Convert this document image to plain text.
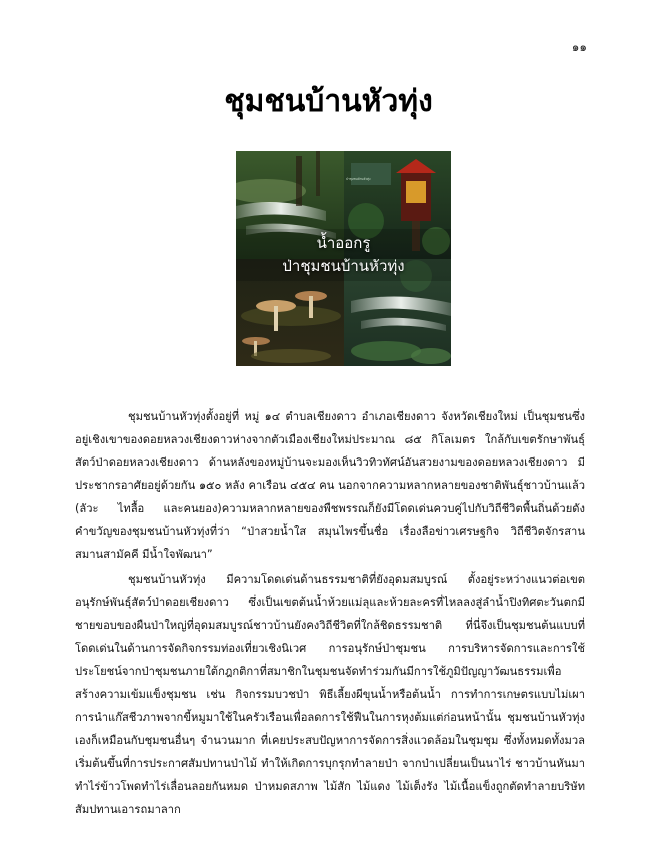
๑๑
ชุมชนบ้านหัวทุ่ง
ป่าชุมชนบ้านหัวทุ่ง
น้ำออกรู
ป่าชุมชนบ้านหัวทุ่ง

ชุมชนบ้านหัวทุ่งตั้งอยู่ที่ หมู่ ๑๔ ตำบลเชียงดาว อำเภอเชียงดาว จังหวัดเชียงใหม่ เป็นชุมชนซึ่งอยู่เชิงเขาของดอยหลวงเชียงดาวห่างจากตัวเมืองเชียงใหม่ประมาณ ๘๕ กิโลเมตร ใกล้กับเขตรักษาพันธุ์สัตว์ป่าดอยหลวงเชียงดาว ด้านหลังของหมู่บ้านจะมองเห็นวิวทิวทัศน์อันสวยงามของดอยหลวงเชียงดาว มีประชากรอาศัยอยู่ด้วยกัน ๑๕๐ หลัง คาเรือน ๔๕๔ คน นอกจากความหลากหลายของชาติพันธุ์ชาวบ้านแล้ว (ลัวะ ไทลื้อ และคนยอง)ความหลากหลายของพืชพรรณก็ยังมีโดดเด่นควบคู่ไปกับวิถีชีวิตพื้นถิ่นด้วยดังคำขวัญของชุมชนบ้านหัวทุ่งที่ว่า “ป่าสวยน้ำใส สมุนไพรขึ้นชื่อ เรื่องลือข่าวเศรษฐกิจ วิถีชีวิตจักรสาน สมานสามัคคี มีน้ำใจพัฒนา”

ชุมชนบ้านหัวทุ่ง มีความโดดเด่นด้านธรรมชาติที่ยังอุดมสมบูรณ์ ตั้งอยู่ระหว่างแนวต่อเขตอนุรักษ์พันธุ์สัตว์ป่าดอยเชียงดาว ซึ่งเป็นเขตต้นน้ำห้วยแม่ลุและห้วยละครที่ไหลลงสู่ลำน้ำปิงทิศตะวันตกมีชายขอบของผืนป่าใหญ่ที่อุดมสมบูรณ์ชาวบ้านยังคงวิถีชีวิตที่ใกล้ชิดธรรมชาติ ที่นี่จึงเป็นชุมชนต้นแบบที่โดดเด่นในด้านการจัดกิจกรรมท่องเที่ยวเชิงนิเวศ การอนุรักษ์ป่าชุมชน การบริหารจัดการและการใช้ประโยชน์จากป่าชุมชนภายใต้กฎกติกาที่สมาชิกในชุมชนจัดทำร่วมกันมีการใช้ภูมิปัญญาวัฒนธรรมเพื่อสร้างความเข้มแข็งชุมชน เช่น กิจกรรมบวชป่า พิธีเลี้ยงผีขุนน้ำหรือต้นน้ำ การทำการเกษตรแบบไม่เผาการนำแก๊สชีวภาพจากขี้หมูมาใช้ในครัวเรือนเพื่อลดการใช้ฟืนในการหุงต้มแต่ก่อนหน้านั้น ชุมชนบ้านหัวทุ่งเองก็เหมือนกับชุมชนอื่นๆ จำนวนมาก ที่เคยประสบปัญหาการจัดการสิ่งแวดล้อมในชุมชุม ซึ่งทั้งหมดทั้งมวลเริ่มต้นขึ้นที่การประกาศสัมปทานป่าไม้ ทำให้เกิดการบุกรุกทำลายป่า จากป่าเปลี่ยนเป็นนาไร่ ชาวบ้านหันมาทำไร่ข้าวโพดทำไร่เลื่อนลอยกันหมด ป่าหมดสภาพ ไม้สัก ไม้แดง ไม้เต็งรัง ไม้เนื้อแข็งถูกตัดทำลายบริษัทสัมปทานเอารถมาลาก
